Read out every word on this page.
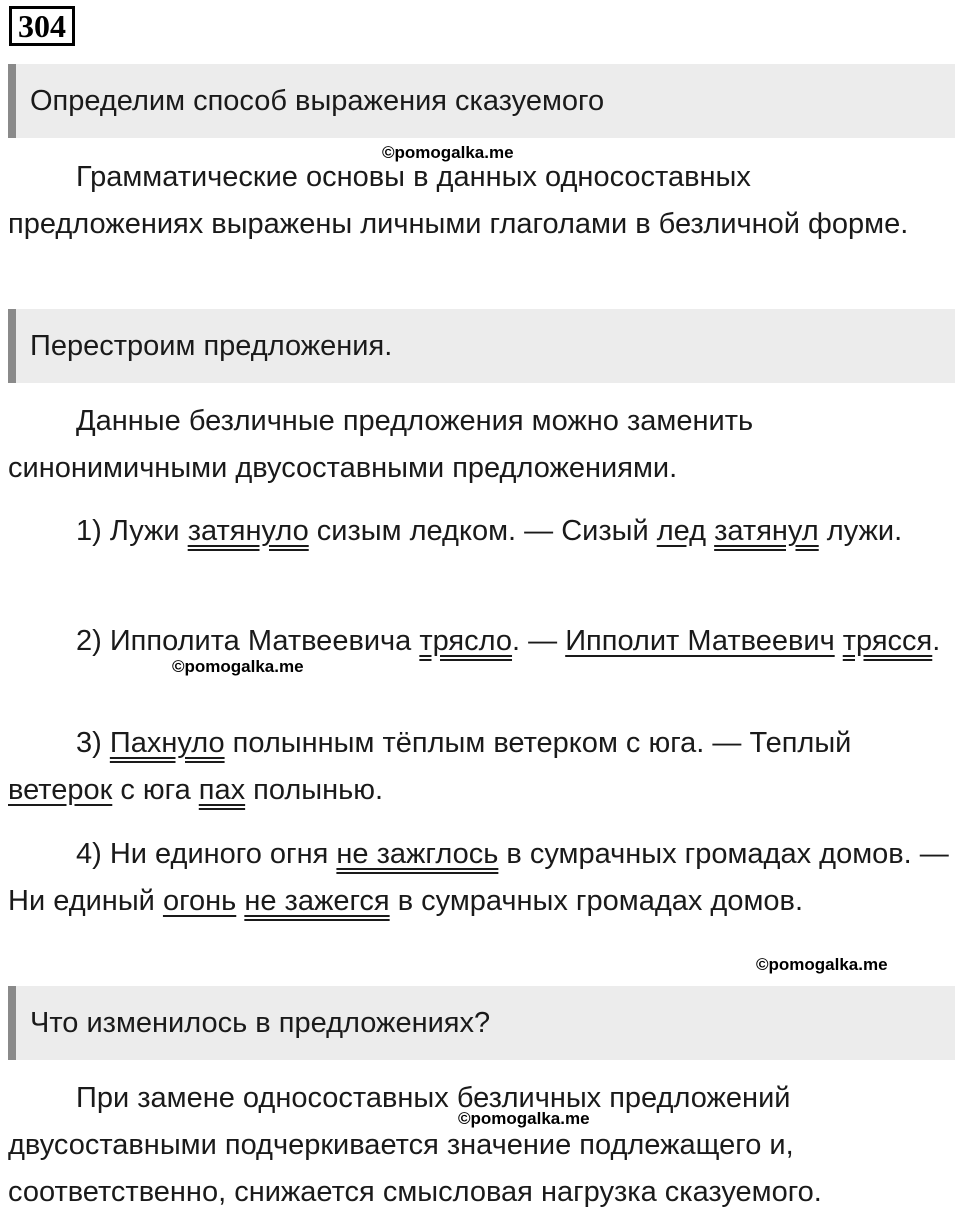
304
Определим способ выражения сказуемого
©pomogalka.me
Грамматические основы в данных односоставных предложениях выражены личными глаголами в безличной форме.
Перестроим предложения.
Данные безличные предложения можно заменить синонимичными двусоставными предложениями.
1) Лужи затянуло сизым ледком. — Сизый лед затянул лужи.
2) Ипполита Матвеевича трясло. — Ипполит Матвеевич трясся.
©pomogalka.me
3) Пахнуло полынным тёплым ветерком с юга. — Теплый ветерок с юга пах полынью.
4) Ни единого огня не зажглось в сумрачных громадах домов. — Ни единый огонь не зажегся в сумрачных громадах домов.
©pomogalka.me
Что изменилось в предложениях?
При замене односоставных безличных предложений двусоставными подчеркивается значение подлежащего и, соответственно, снижается смысловая нагрузка сказуемого.
©pomogalka.me
